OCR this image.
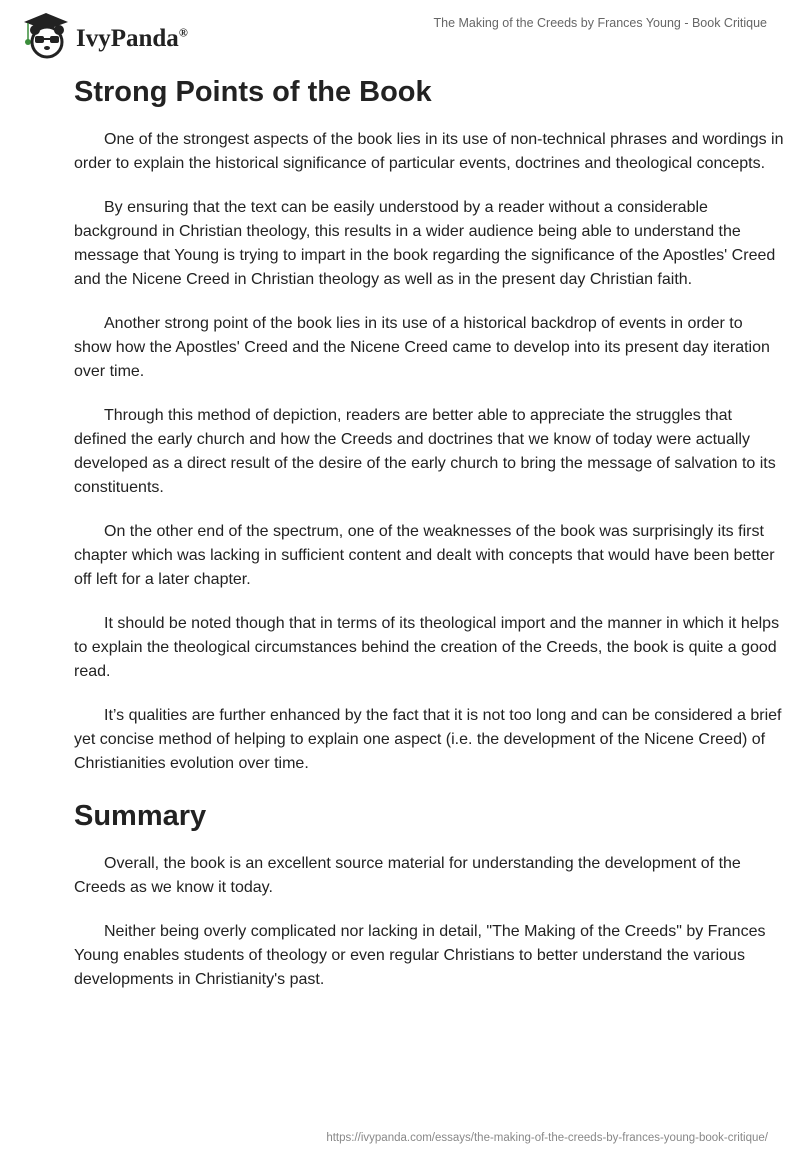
IvyPanda®
The Making of the Creeds by Frances Young - Book Critique
Strong Points of the Book

One of the strongest aspects of the book lies in its use of non-technical phrases and wordings in order to explain the historical significance of particular events, doctrines and theological concepts.

By ensuring that the text can be easily understood by a reader without a considerable background in Christian theology, this results in a wider audience being able to understand the message that Young is trying to impart in the book regarding the significance of the Apostles' Creed and the Nicene Creed in Christian theology as well as in the present day Christian faith.

Another strong point of the book lies in its use of a historical backdrop of events in order to show how the Apostles' Creed and the Nicene Creed came to develop into its present day iteration over time.

Through this method of depiction, readers are better able to appreciate the struggles that defined the early church and how the Creeds and doctrines that we know of today were actually developed as a direct result of the desire of the early church to bring the message of salvation to its constituents.

On the other end of the spectrum, one of the weaknesses of the book was surprisingly its first chapter which was lacking in sufficient content and dealt with concepts that would have been better off left for a later chapter.

It should be noted though that in terms of its theological import and the manner in which it helps to explain the theological circumstances behind the creation of the Creeds, the book is quite a good read.

It’s qualities are further enhanced by the fact that it is not too long and can be considered a brief yet concise method of helping to explain one aspect (i.e. the development of the Nicene Creed) of Christianities evolution over time.

Summary

Overall, the book is an excellent source material for understanding the development of the Creeds as we know it today.

Neither being overly complicated nor lacking in detail, "The Making of the Creeds" by Frances Young enables students of theology or even regular Christians to better understand the various developments in Christianity's past.

https://ivypanda.com/essays/the-making-of-the-creeds-by-frances-young-book-critique/
